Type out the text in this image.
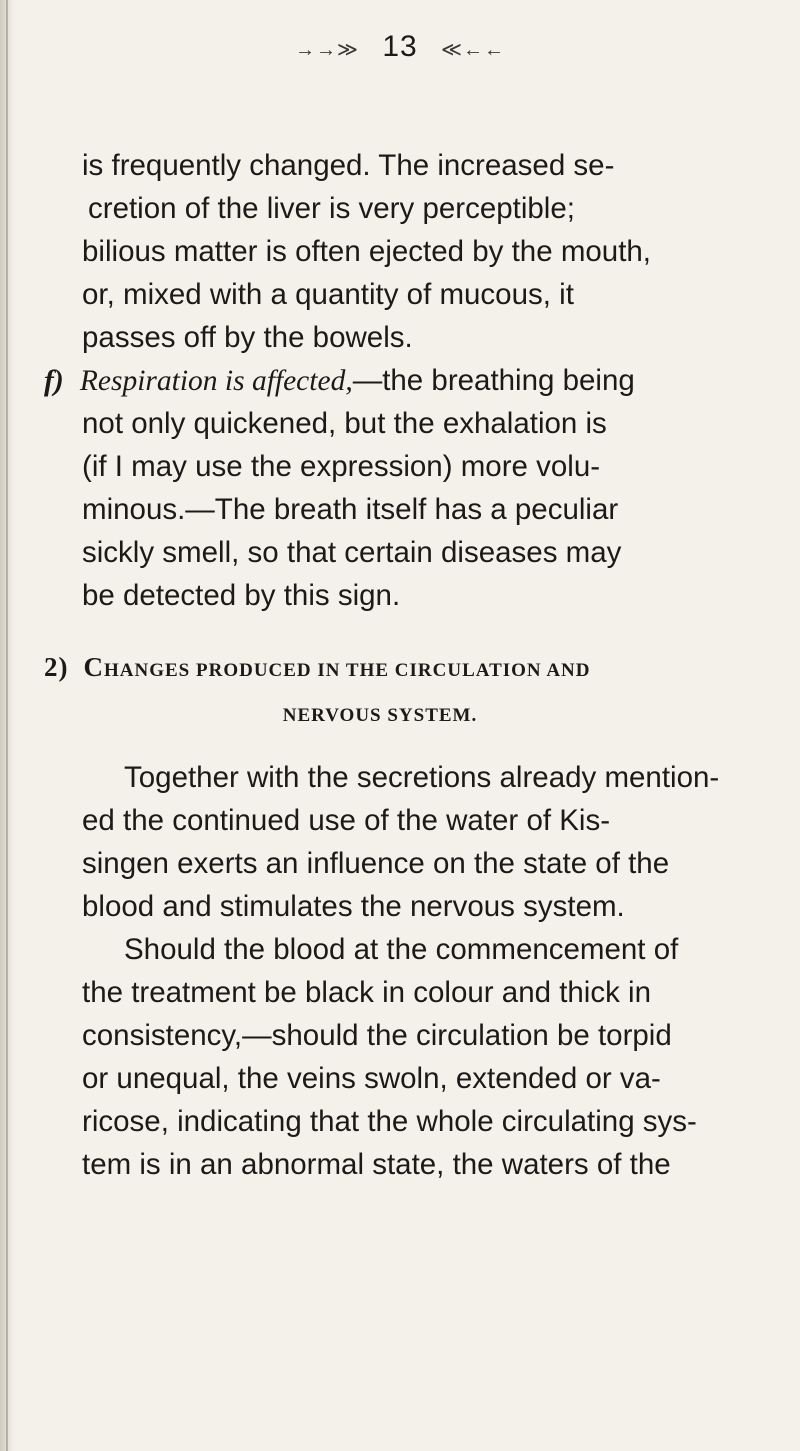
→→≫ 13 ≪←←
is frequently changed. The increased se-
cretion of the liver is very perceptible;
bilious matter is often ejected by the mouth,
or, mixed with a quantity of mucous, it
passes off by the bowels.
f) Respiration is affected,—the breathing being
not only quickened, but the exhalation is
(if I may use the expression) more volu-
minous.—The breath itself has a peculiar
sickly smell, so that certain diseases may
be detected by this sign.
2) CHANGES PRODUCED IN THE CIRCULATION AND
NERVOUS SYSTEM.
Together with the secretions already mention-
ed the continued use of the water of Kis-
singen exerts an influence on the state of the
blood and stimulates the nervous system.
Should the blood at the commencement of
the treatment be black in colour and thick in
consistency,—should the circulation be torpid
or unequal, the veins swoln, extended or va-
ricose, indicating that the whole circulating sys-
tem is in an abnormal state, the waters of the
